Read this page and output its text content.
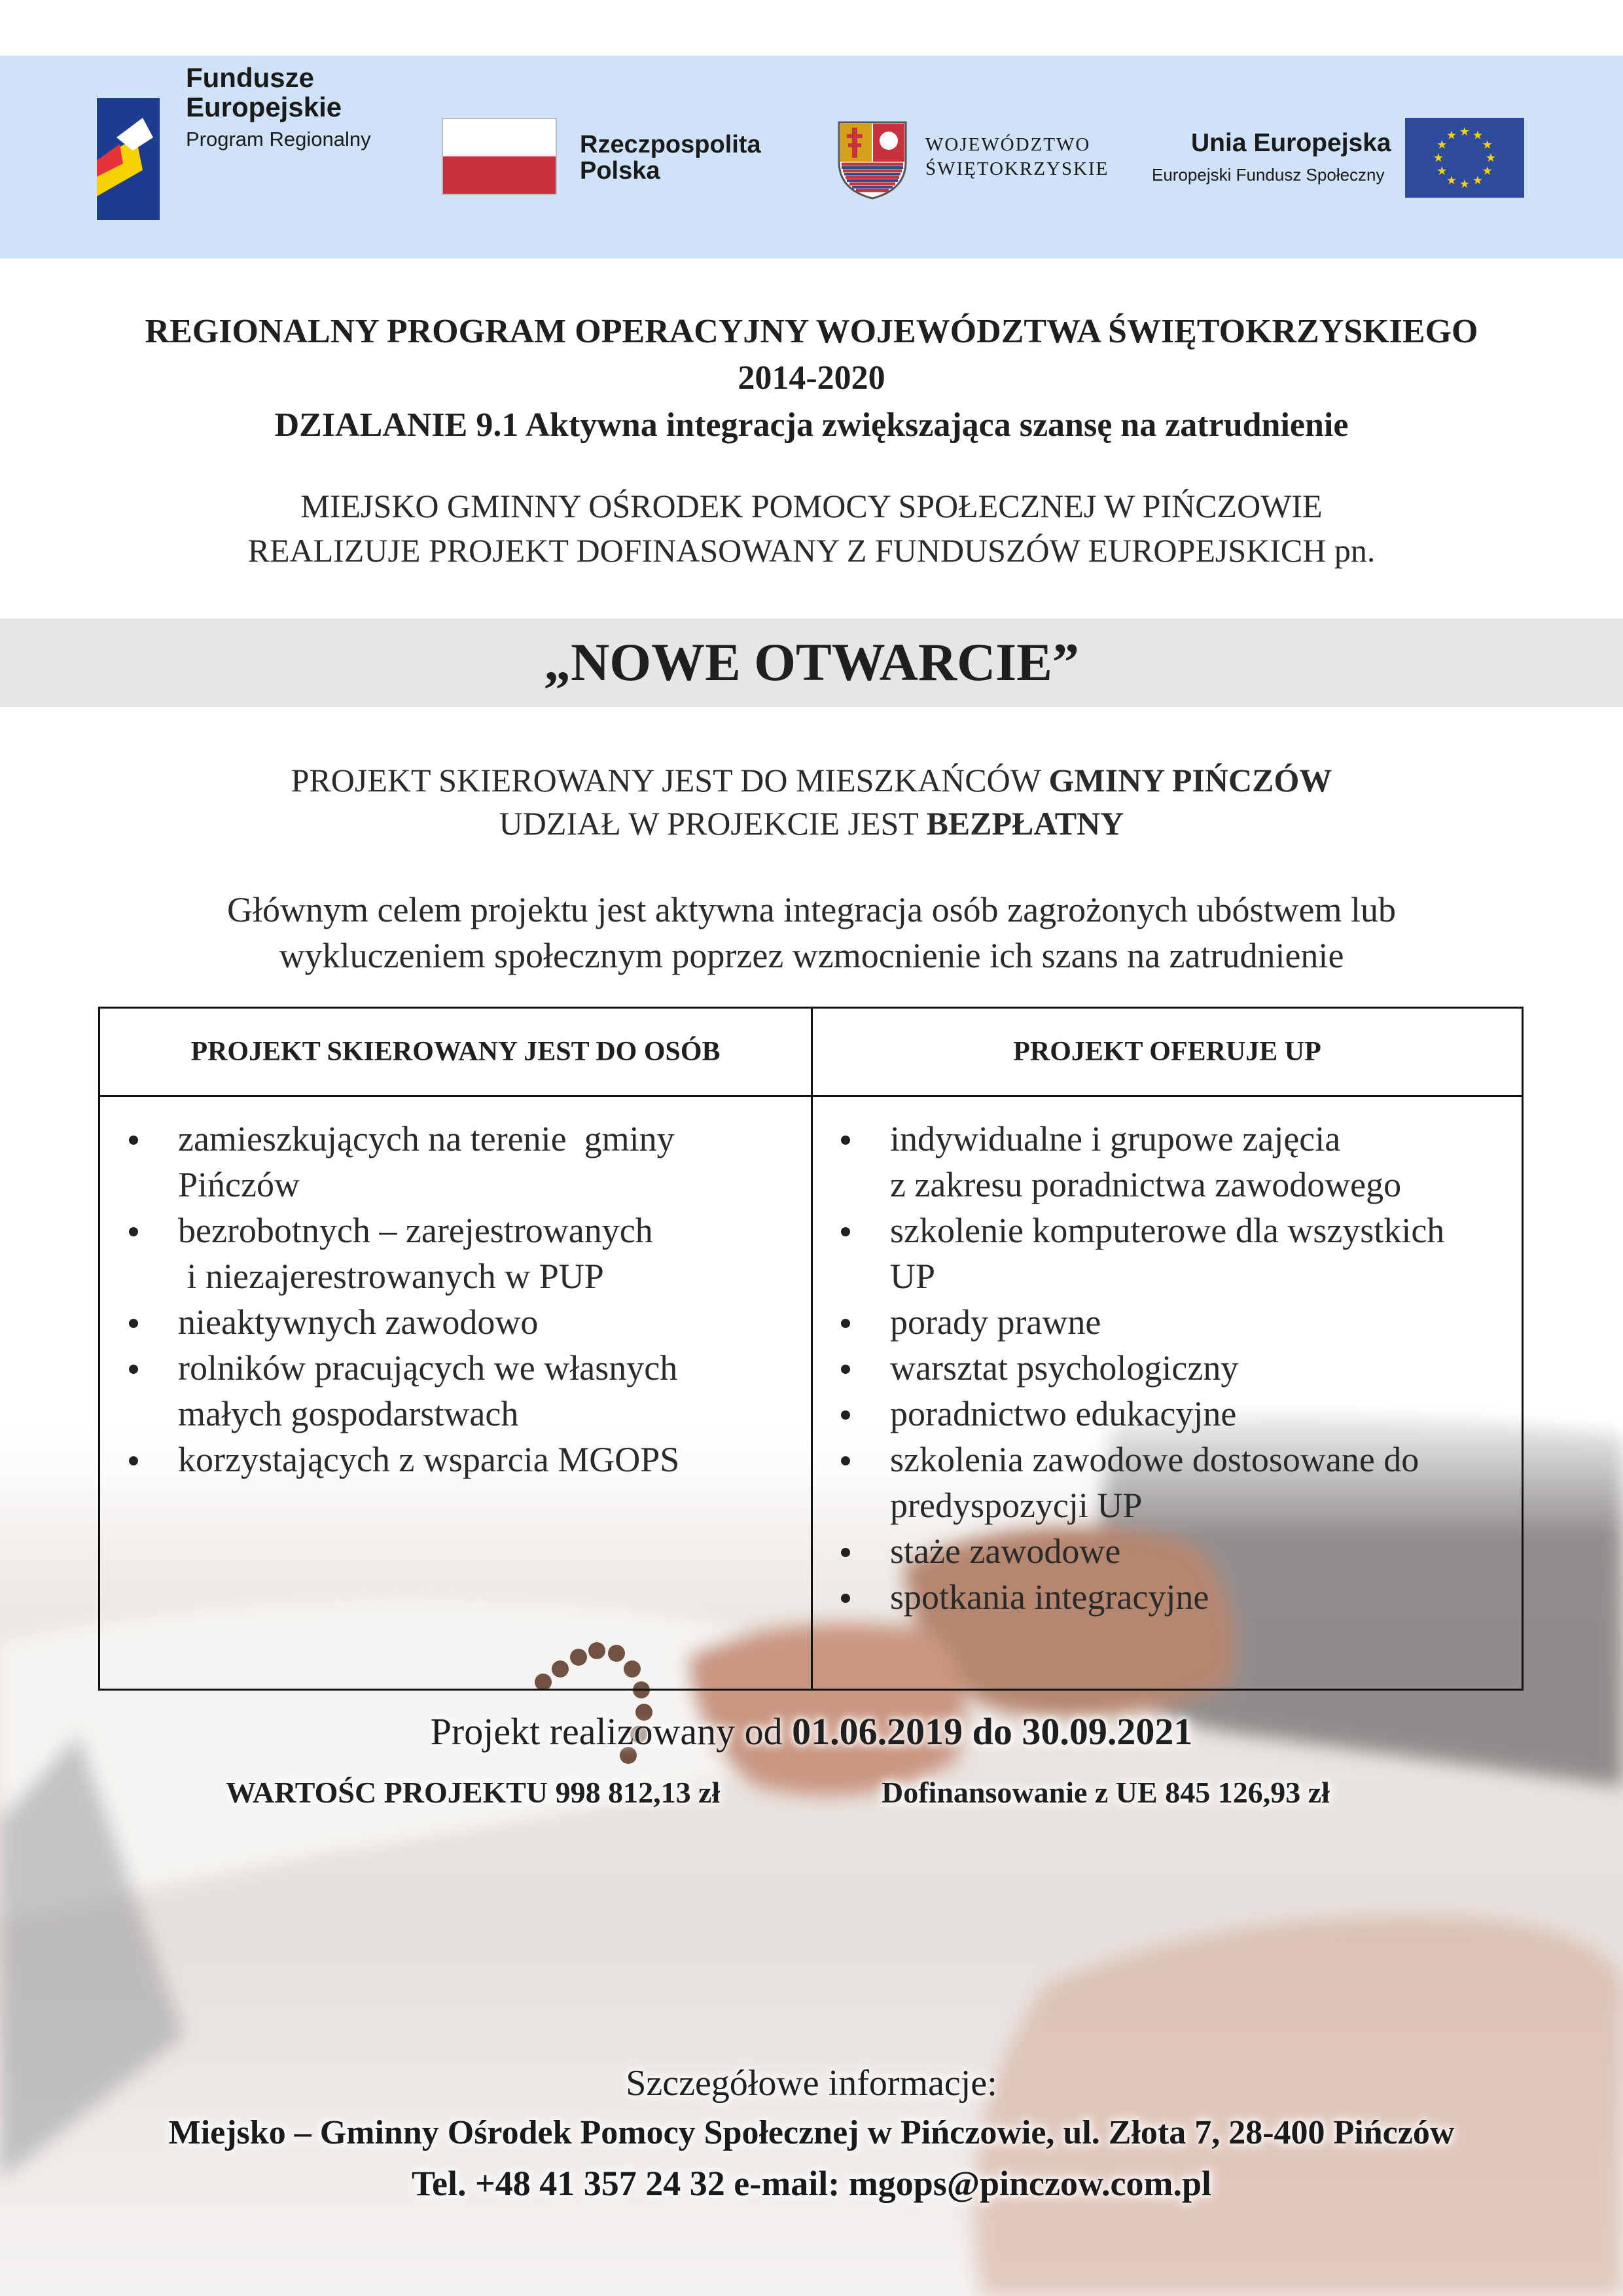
Fundusze
Europejskie
Program Regionalny	Rzeczpospolita
Polska
WOJEWÓDZTWO
ŚWIĘTOKRZYSKIE
Unia Europejska
Europejski Fundusz Społeczny
★ ★
★
★
★
★
★
★
★
★
★
★
REGIONALNY PROGRAM OPERACYJNY WOJEWÓDZTWA ŚWIĘTOKRZYSKIEGO
2014-2020
DZIALANIE 9.1 Aktywna integracja zwiększająca szansę na zatrudnienie
MIEJSKO GMINNY OŚRODEK POMOCY SPOŁECZNEJ W PIŃCZOWIE
REALIZUJE PROJEKT DOFINASOWANY Z FUNDUSZÓW EUROPEJSKICH pn.
„NOWE OTWARCIE”
PROJEKT SKIEROWANY JEST DO MIESZKAŃCÓW GMINY PIŃCZÓW
UDZIAŁ W PROJEKCIE JEST BEZPŁATNY
Głównym celem projektu jest aktywna integracja osób zagrożonych ubóstwem lub
wykluczeniem społecznym poprzez wzmocnienie ich szans na zatrudnienie
PROJEKT SKIEROWANY JEST DO OSÓB	PROJEKT OFERUJE UP
zamieszkujących na terenie  gminy
Pińczów
bezrobotnych – zarejestrowanych
i niezajerestrowanych w PUP
nieaktywnych zawodowo
rolników pracujących we własnych
małych gospodarstwach
korzystających z wsparcia MGOPS
indywidualne i grupowe zajęcia
z zakresu poradnictwa zawodowego
szkolenie komputerowe dla wszystkich
UP
porady prawne
warsztat psychologiczny
poradnictwo edukacyjne
szkolenia zawodowe dostosowane do
predyspozycji UP
staże zawodowe
spotkania integracyjne
Projekt realizowany od 01.06.2019 do 30.09.2021
WARTOŚC PROJEKTU 998 812,13 zł	Dofinansowanie z UE 845 126,93 zł
Szczegółowe informacje:
Miejsko – Gminny Ośrodek Pomocy Społecznej w Pińczowie, ul. Złota 7, 28-400 Pińczów
Tel. +48 41 357 24 32 e-mail: mgops@pinczow.com.pl
